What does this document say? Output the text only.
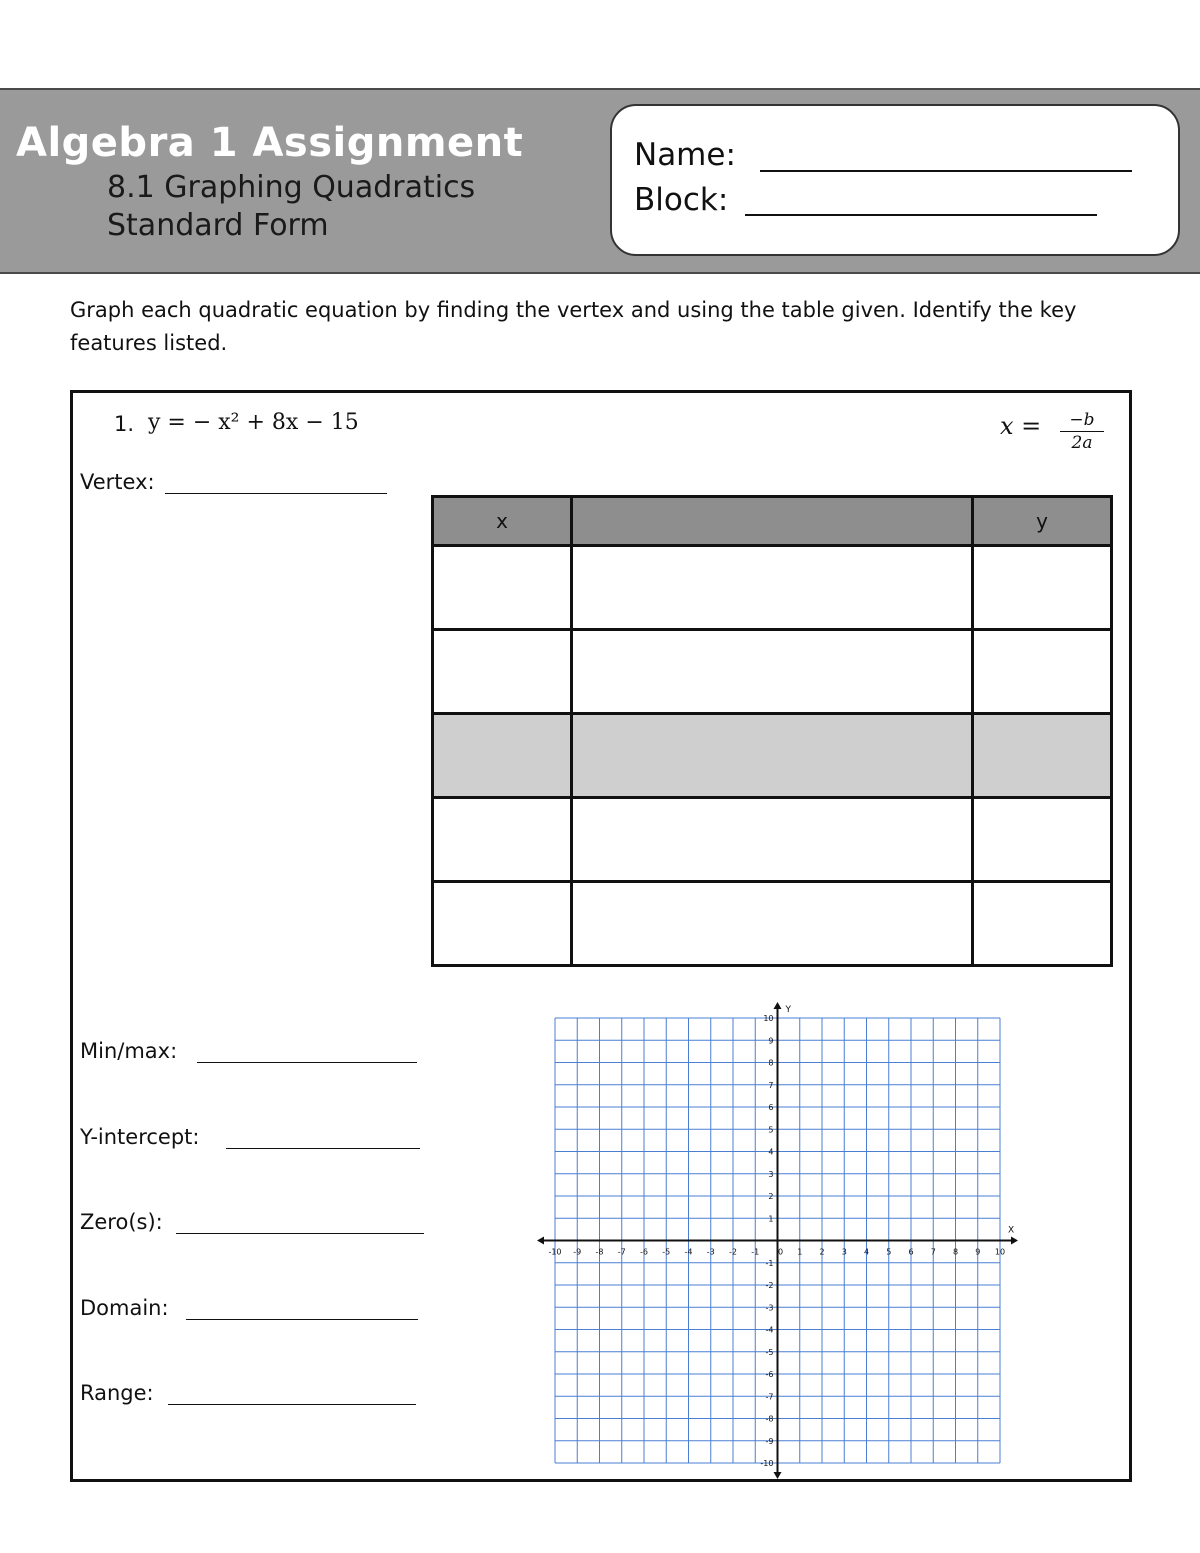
Algebra 1 Assignment
8.1 Graphing Quadratics
Standard Form
Name:
Block:
Graph each quadratic equation by finding the vertex and using the table given. Identify the key features listed.
1. y = − x² + 8x − 15	$x = \frac{-b}{2a}$
Vertex:
Min/max:
Y-intercept:
Zero(s):
Domain:
Range:
x		y

X
Y
-10 -9 -8 -7 -6 -5 -4 -3 -2 -1 0 1 2 3 4 5 6 7 8 9 10
10
9
8
7
6
5
4
3
2
1
-1
-2
-3
-4
-5
-6
-7
-8
-9
-10
